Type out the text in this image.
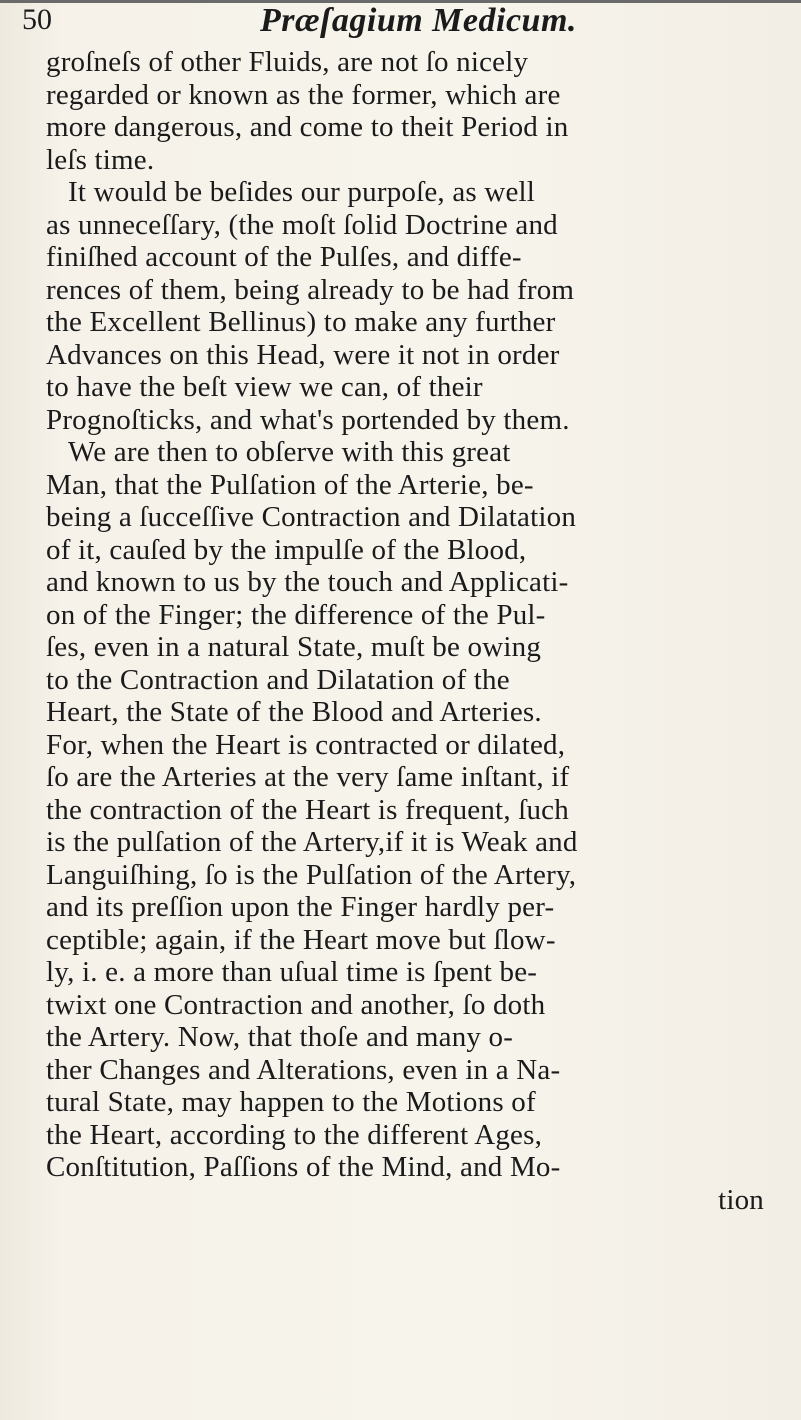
50	Præſagium Medicum.
groſneſs of other Fluids, are not ſo nicely
regarded or known as the former, which are
more dangerous, and come to theit Period in
leſs time.
It would be beſides our purpoſe, as well
as unneceſſary, (the moſt ſolid Doctrine and
finiſhed account of the Pulſes, and diffe-
rences of them, being already to be had from
the Excellent Bellinus) to make any further
Advances on this Head, were it not in order
to have the beſt view we can, of their
Prognoſticks, and what's portended by them.
We are then to obſerve with this great
Man, that the Pulſation of the Arterie, be-
being a ſucceſſive Contraction and Dilatation
of it, cauſed by the impulſe of the Blood,
and known to us by the touch and Applicati-
on of the Finger; the difference of the Pul-
ſes, even in a natural State, muſt be owing
to the Contraction and Dilatation of the
Heart, the State of the Blood and Arteries.
For, when the Heart is contracted or dilated,
ſo are the Arteries at the very ſame inſtant, if
the contraction of the Heart is frequent, ſuch
is the pulſation of the Artery,if it is Weak and
Languiſhing, ſo is the Pulſation of the Artery,
and its preſſion upon the Finger hardly per-
ceptible; again, if the Heart move but ſlow-
ly, i. e. a more than uſual time is ſpent be-
twixt one Contraction and another, ſo doth
the Artery. Now, that thoſe and many o-
ther Changes and Alterations, even in a Na-
tural State, may happen to the Motions of
the Heart, according to the different Ages,
Conſtitution, Paſſions of the Mind, and Mo-
tion
